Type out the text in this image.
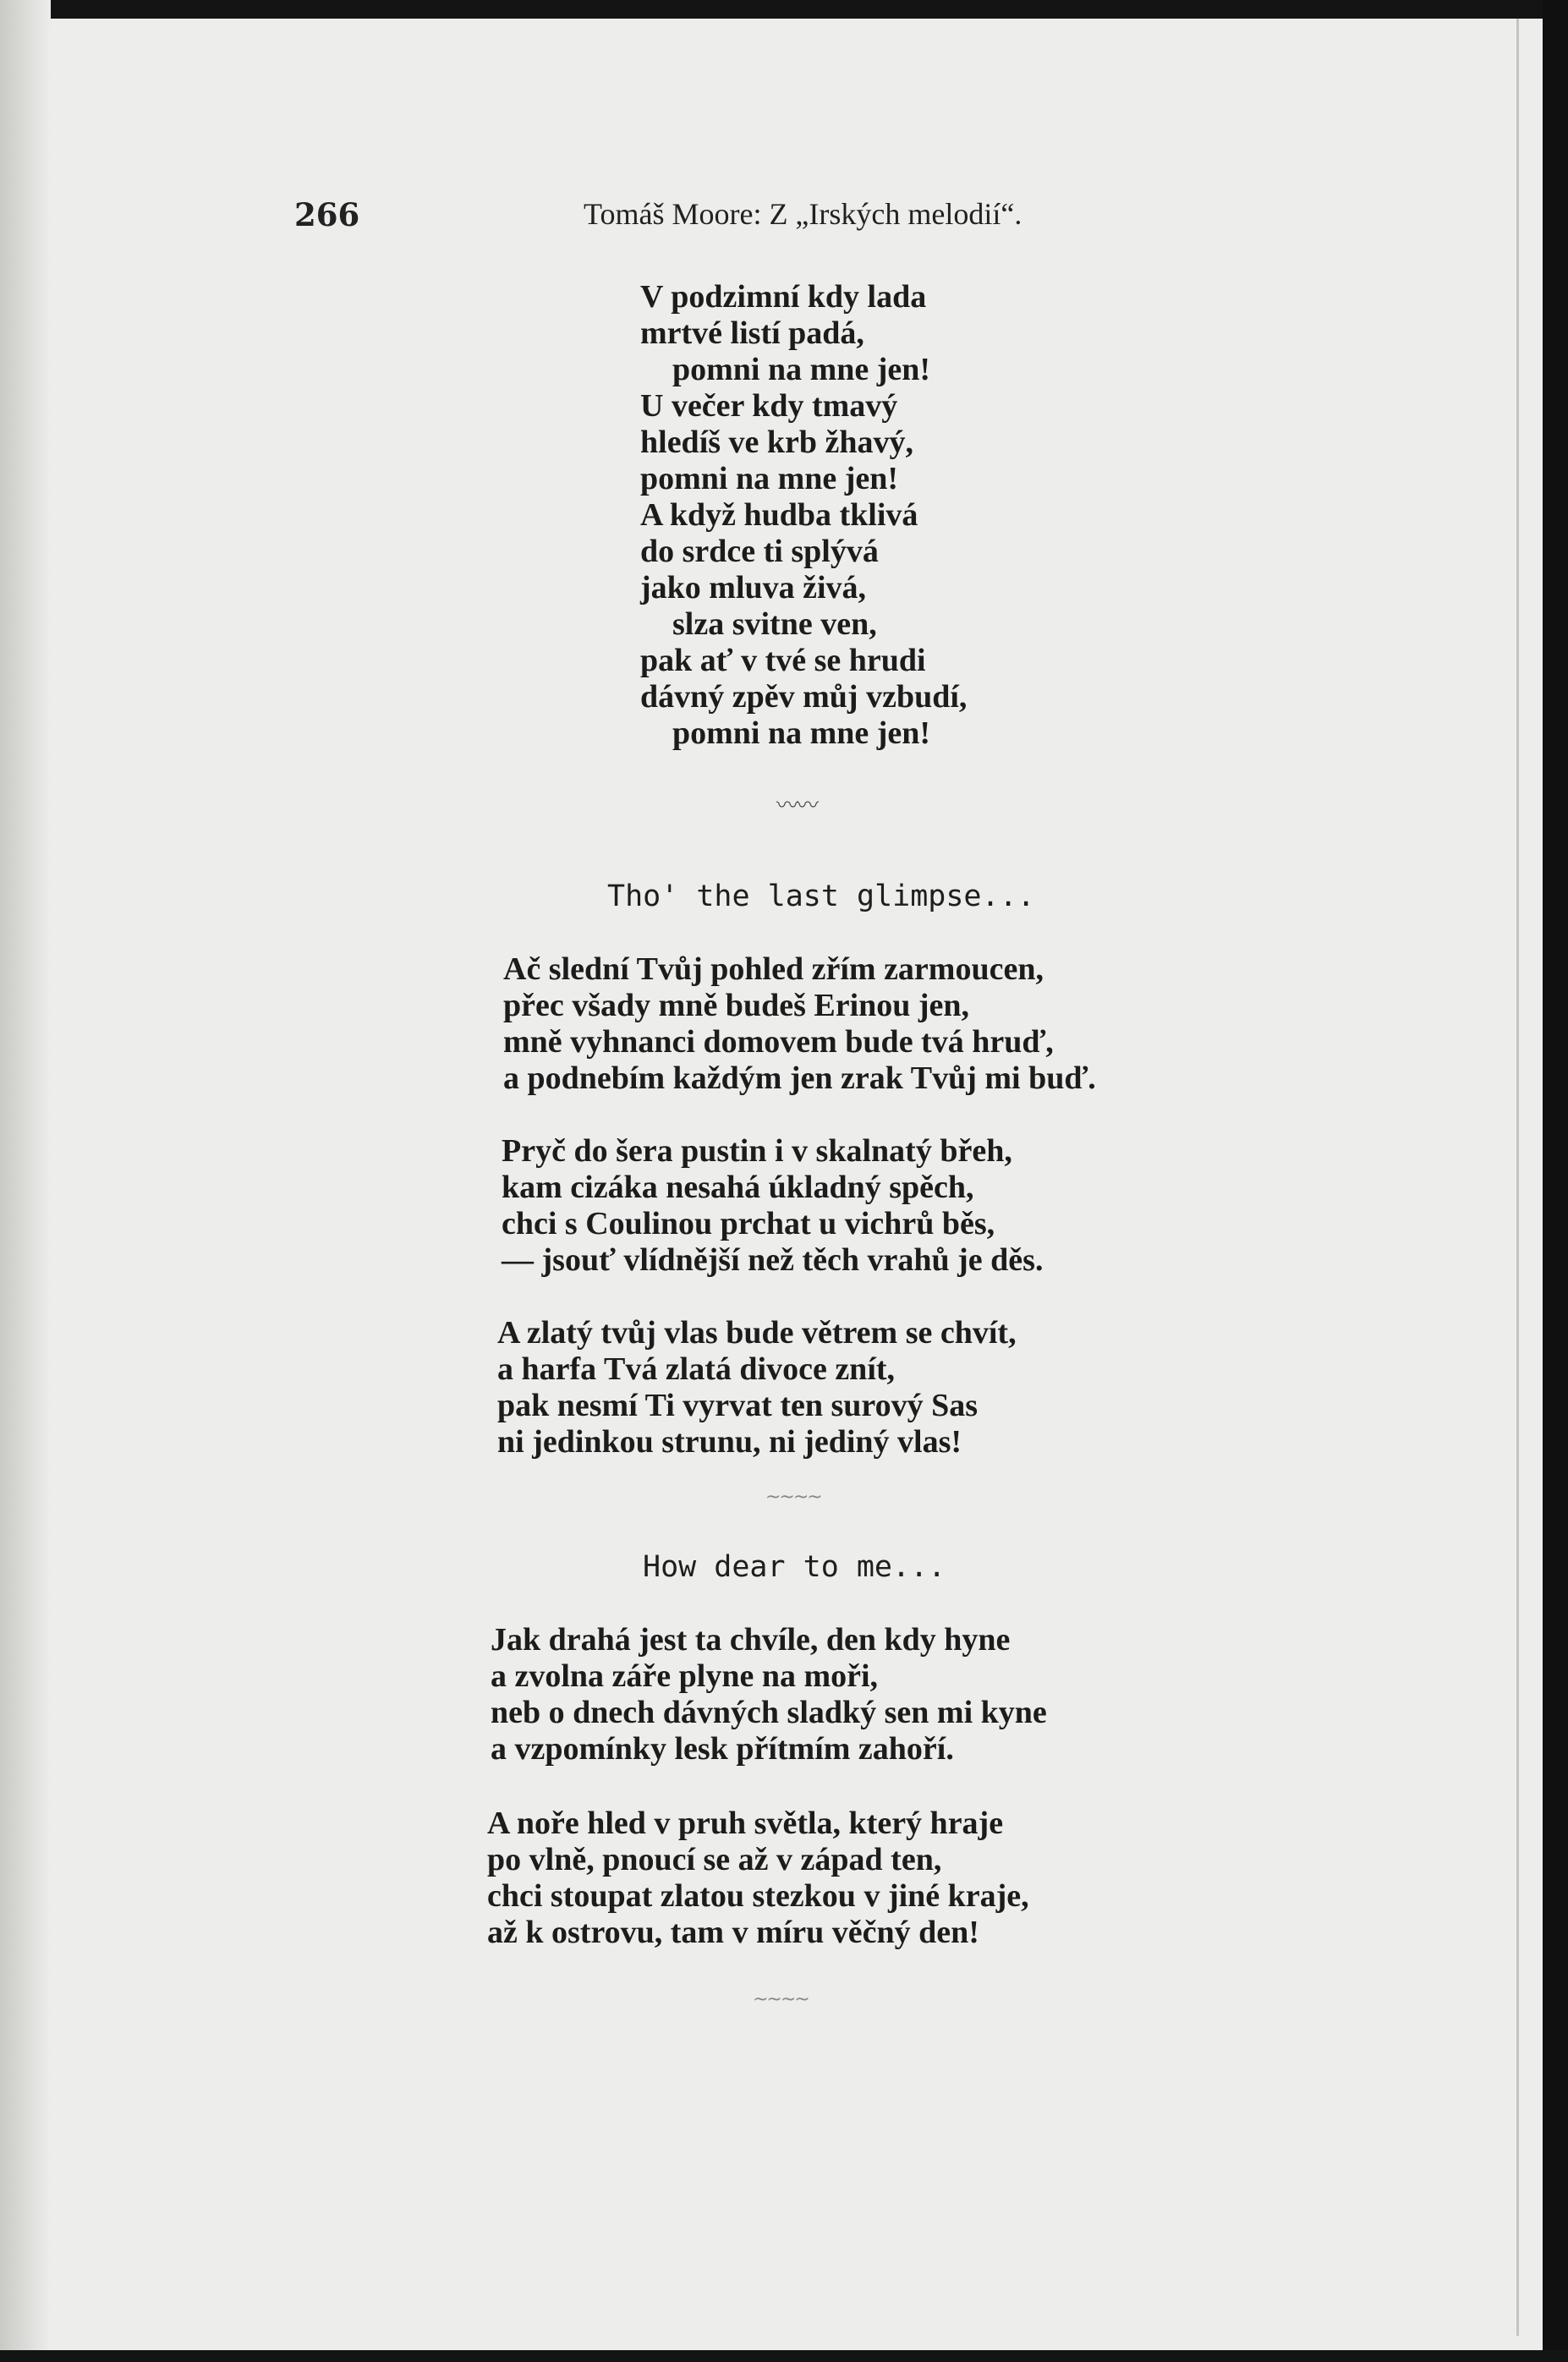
266	Tomáš Moore: Z „Irských melodií“.
V podzimní kdy lada
mrtvé listí padá,
pomni na mne jen!
U večer kdy tmavý
hledíš ve krb žhavý,
pomni na mne jen!
A když hudba tklivá
do srdce ti splývá
jako mluva živá,
slza svitne ven,
pak ať v tvé se hrudi
dávný zpěv můj vzbudí,
pomni na mne jen!
〰〰
Tho' the last glimpse...
Ač slední Tvůj pohled zřím zarmoucen,
přec všady mně budeš Erinou jen,
mně vyhnanci domovem bude tvá hruď,
a podnebím každým jen zrak Tvůj mi buď.
Pryč do šera pustin i v skalnatý břeh,
kam cizáka nesahá úkladný spěch,
chci s Coulinou prchat u vichrů běs,
— jsouť vlídnější než těch vrahů je děs.
A zlatý tvůj vlas bude větrem se chvít,
a harfa Tvá zlatá divoce znít,
pak nesmí Ti vyrvat ten surový Sas
ni jedinkou strunu, ni jediný vlas!
~~~~
How dear to me...
Jak drahá jest ta chvíle, den kdy hyne
a zvolna záře plyne na moři,
neb o dnech dávných sladký sen mi kyne
a vzpomínky lesk přítmím zahoří.
A noře hled v pruh světla, který hraje
po vlně, pnoucí se až v západ ten,
chci stoupat zlatou stezkou v jiné kraje,
až k ostrovu, tam v míru věčný den!
~~~~
